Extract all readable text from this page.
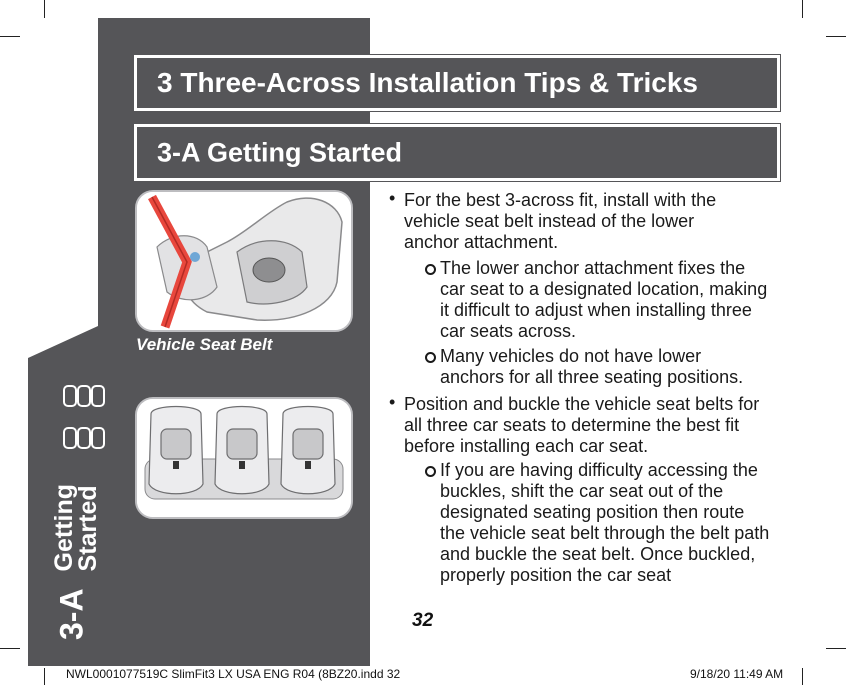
3 Three-Across Installation Tips & Tricks
3-A Getting Started
Vehicle Seat Belt
3-A
Getting
Started
• For the best 3-across fit, install with the vehicle seat belt instead of the lower anchor attachment.
The lower anchor attachment fixes the car seat to a designated location, making it difficult to adjust when installing three car seats across.
Many vehicles do not have lower anchors for all three seating positions.
• Position and buckle the vehicle seat belts for all three car seats to determine the best fit before installing each car seat.
If you are having difficulty accessing the buckles, shift the car seat out of the designated seating position then route the vehicle seat belt through the belt path and buckle the seat belt. Once buckled, properly position the car seat
32
NWL0001077519C SlimFit3 LX USA ENG R04 (8BZ20.indd 32	9/18/20 11:49 AM
